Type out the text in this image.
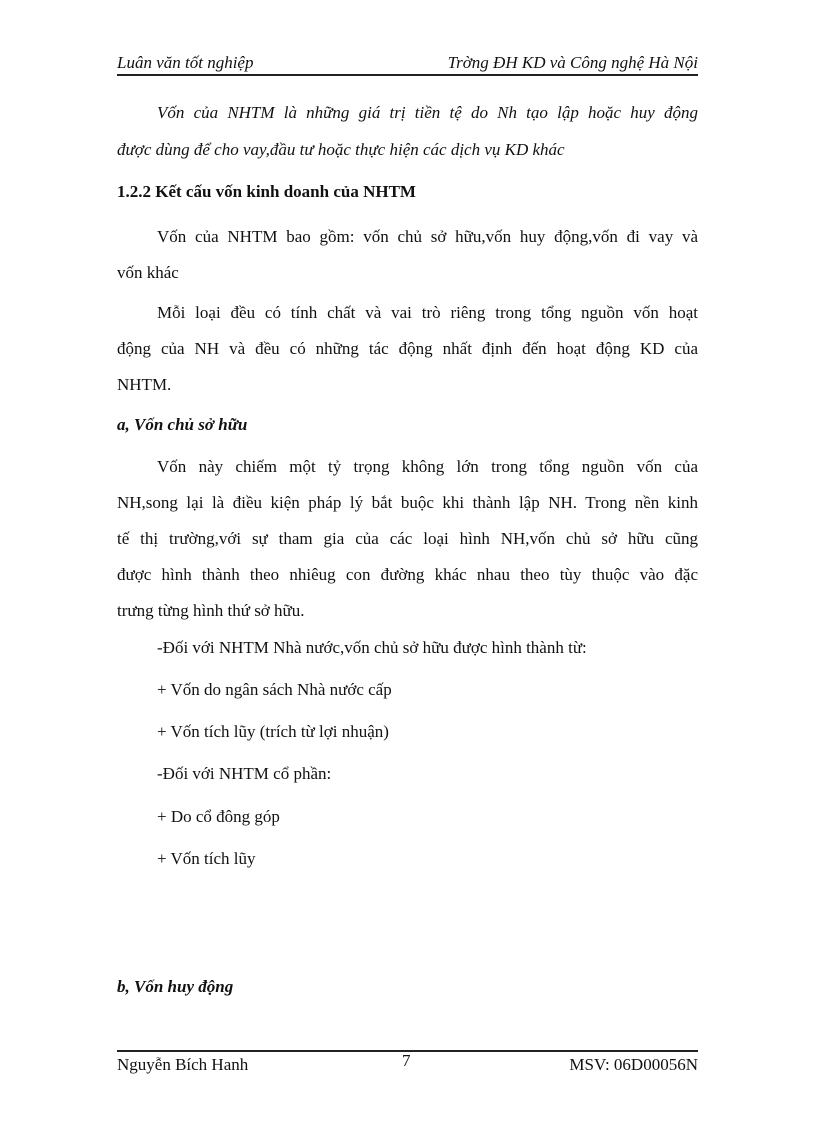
Luân văn tốt nghiệp	Trờng ĐH KD và Công nghệ Hà Nội
Vốn của NHTM là những giá trị tiền tệ do Nh tạo lập hoặc huy động
được dùng để cho vay,đầu tư hoặc thực hiện các dịch vụ KD khác
1.2.2 Kết cấu vốn kinh doanh của NHTM
Vốn của NHTM bao gồm: vốn chủ sở hữu,vốn huy động,vốn đi vay và
vốn khác
Mỗi loại đều có tính chất và vai trò riêng trong tổng nguồn vốn hoạt
động của NH và đều có những tác động nhất định đến hoạt động KD của
NHTM.
a, Vốn chủ sở hữu
Vốn này chiếm một tỷ trọng không lớn trong tổng nguồn vốn của
NH,song lại là điều kiện pháp lý bắt buộc khi thành lập NH. Trong nền kinh
tế thị trường,với sự tham gia của các loại hình NH,vốn chủ sở hữu cũng
được hình thành theo nhiêug con đường khác nhau theo tùy thuộc vào đặc
trưng từng hình thứ sở hữu.
-Đối với NHTM Nhà nước,vốn chủ sở hữu được hình thành từ:
+ Vốn do ngân sách Nhà nước cấp
+ Vốn tích lũy (trích từ lợi nhuận)
-Đối với NHTM cổ phần:
+ Do cổ đông góp
+ Vốn tích lũy
b, Vốn huy động
Nguyễn Bích Hanh	7	MSV: 06D00056N
